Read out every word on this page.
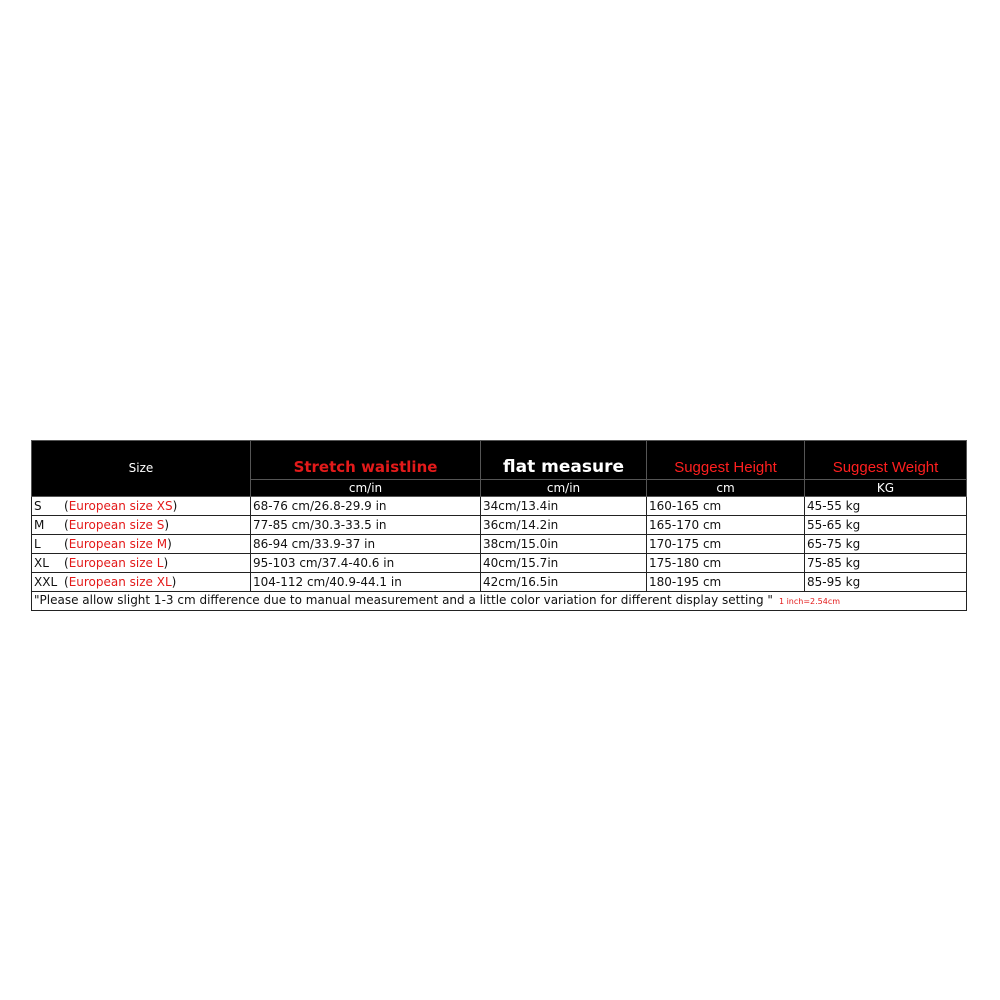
Size	Stretch waistline	flat measure	Suggest Height	Suggest Weight
	cm/in	cm/in	cm	KG
S (European size XS)	68-76 cm/26.8-29.9 in	34cm/13.4in	160-165 cm	45-55 kg
M (European size S)	77-85 cm/30.3-33.5 in	36cm/14.2in	165-170 cm	55-65 kg
L (European size M)	86-94 cm/33.9-37 in	38cm/15.0in	170-175 cm	65-75 kg
XL (European size L)	95-103 cm/37.4-40.6 in	40cm/15.7in	175-180 cm	75-85 kg
XXL (European size XL)	104-112 cm/40.9-44.1 in	42cm/16.5in	180-195 cm	85-95 kg
"Please allow slight 1-3 cm difference due to manual measurement and a little color variation for different display setting " 1 inch=2.54cm				
